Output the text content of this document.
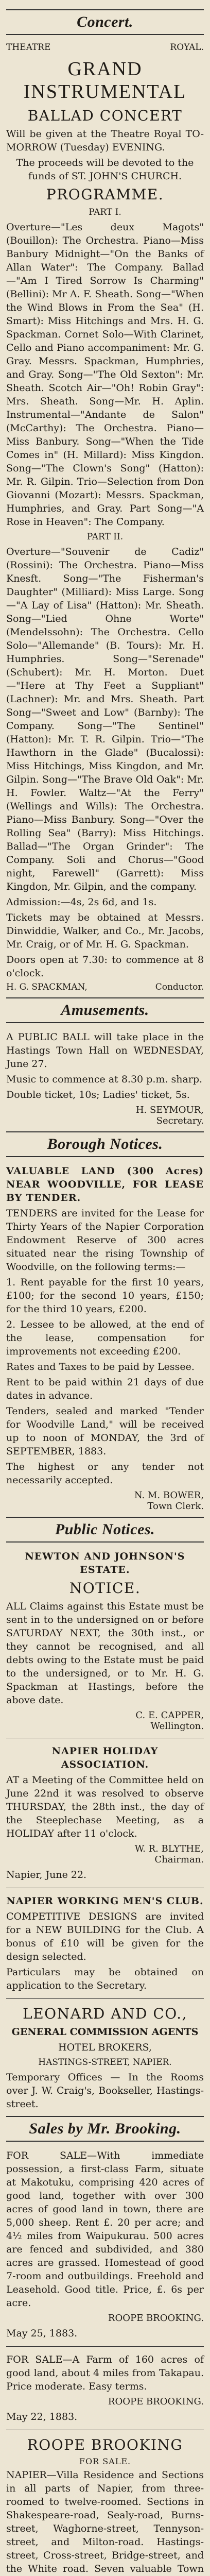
Concert.
THEATRE	ROYAL.
GRAND INSTRUMENTAL
BALLAD CONCERT

Will be given at the Theatre Royal TO-MORROW (Tuesday) EVENING.

The proceeds will be devoted to the funds of ST. JOHN'S CHURCH.

PROGRAMME.
PART I.

Overture—"Les deux Magots" (Bouillon): The Orchestra. Piano—Miss Banbury Midnight—"On the Banks of Allan Water": The Company. Ballad—"Am I Tired Sorrow Is Charming" (Bellini): Mr A. F. Sheath. Song—"When the Wind Blows in From the Sea" (H. Smart): Miss Hitchings and Mrs. H. G. Spackman. Cornet Solo—With Clarinet, Cello and Piano accompaniment: Mr. G. Gray. Messrs. Spackman, Humphries, and Gray. Song—"The Old Sexton": Mr. Sheath. Scotch Air—"Oh! Robin Gray": Mrs. Sheath. Song—Mr. H. Aplin. Instrumental—"Andante de Salon" (McCarthy): The Orchestra. Piano—Miss Banbury. Song—"When the Tide Comes in" (H. Millard): Miss Kingdon. Song—"The Clown's Song" (Hatton): Mr. R. Gilpin. Trio—Selection from Don Giovanni (Mozart): Messrs. Spackman, Humphries, and Gray. Part Song—"A Rose in Heaven": The Company.

PART II.

Overture—"Souvenir de Cadiz" (Rossini): The Orchestra. Piano—Miss Knesft. Song—"The Fisherman's Daughter" (Milliard): Miss Large. Song—"A Lay of Lisa" (Hatton): Mr. Sheath. Song—"Lied Ohne Worte" (Mendelssohn): The Orchestra. Cello Solo—"Allemande" (B. Tours): Mr. H. Humphries. Song—"Serenade" (Schubert): Mr. H. Morton. Duet—"Here at Thy Feet a Suppliant" (Lachner): Mr. and Mrs. Sheath. Part Song—"Sweet and Low" (Barnby): The Company. Song—"The Sentinel" (Hatton): Mr. T. R. Gilpin. Trio—"The Hawthorn in the Glade" (Bucalossi): Miss Hitchings, Miss Kingdon, and Mr. Gilpin. Song—"The Brave Old Oak": Mr. H. Fowler. Waltz—"At the Ferry" (Wellings and Wills): The Orchestra. Piano—Miss Banbury. Song—"Over the Rolling Sea" (Barry): Miss Hitchings. Ballad—"The Organ Grinder": The Company. Soli and Chorus—"Good night, Farewell" (Garrett): Miss Kingdon, Mr. Gilpin, and the company.

Admission:—4s, 2s 6d, and 1s.

Tickets may be obtained at Messrs. Dinwiddie, Walker, and Co., Mr. Jacobs, Mr. Craig, or of Mr. H. G. Spackman.

Doors open at 7.30: to commence at 8 o'clock.

H. G. SPACKMAN,	Conductor.
Amusements.

A PUBLIC BALL will take place in the Hastings Town Hall on WEDNESDAY, June 27.

Music to commence at 8.30 p.m. sharp.

Double ticket, 10s; Ladies' ticket, 5s.

H. SEYMOUR,
Secretary.
Borough Notices.

VALUABLE LAND (300 Acres) NEAR WOODVILLE, FOR LEASE BY TENDER.

TENDERS are invited for the Lease for Thirty Years of the Napier Corporation Endowment Reserve of 300 acres situated near the rising Township of Woodville, on the following terms:—

1. Rent payable for the first 10 years, £100; for the second 10 years, £150; for the third 10 years, £200.

2. Lessee to be allowed, at the end of the lease, compensation for improvements not exceeding £200.

Rates and Taxes to be paid by Lessee.

Rent to be paid within 21 days of due dates in advance.

Tenders, sealed and marked "Tender for Woodville Land," will be received up to noon of MONDAY, the 3rd of SEPTEMBER, 1883.

The highest or any tender not necessarily accepted.

N. M. BOWER,
Town Clerk.
Public Notices.

NEWTON AND JOHNSON'S ESTATE.

NOTICE.

ALL Claims against this Estate must be sent in to the undersigned on or before SATURDAY NEXT, the 30th inst., or they cannot be recognised, and all debts owing to the Estate must be paid to the undersigned, or to Mr. H. G. Spackman at Hastings, before the above date.

C. E. CAPPER,
Wellington.

NAPIER HOLIDAY ASSOCIATION.

AT a Meeting of the Committee held on June 22nd it was resolved to observe THURSDAY, the 28th inst., the day of the Steeplechase Meeting, as a HOLIDAY after 11 o'clock.

W. R. BLYTHE,
Chairman.

Napier, June 22.

NAPIER WORKING MEN'S CLUB.

COMPETITIVE DESIGNS are invited for a NEW BUILDING for the Club. A bonus of £10 will be given for the design selected.

Particulars may be obtained on application to the Secretary.

LEONARD AND CO.,

GENERAL COMMISSION AGENTS

HOTEL BROKERS,

HASTINGS-STREET, NAPIER.

Temporary Offices — In the Rooms over J. W. Craig's, Bookseller, Hastings-street.

Sales by Mr. Brooking.

FOR SALE—With immediate possession, a first-class Farm, situate at Makotuku, comprising 420 acres of good land, together with over 300 acres of good land in town, there are 5,000 sheep. Rent £. 20 per acre; and 4½ miles from Waipukurau. 500 acres are fenced and subdivided, and 380 acres are grassed. Homestead of good 7-room and outbuildings. Freehold and Leasehold. Good title. Price, £. 6s per acre.

ROOPE BROOKING.

May 25, 1883.

FOR SALE—A Farm of 160 acres of good land, about 4 miles from Takapau. Price moderate. Easy terms.

ROOPE BROOKING.

May 22, 1883.

ROOPE BROOKING
FOR SALE.

NAPIER—Villa Residence and Sections in all parts of Napier, from three-roomed to twelve-roomed. Sections in Shakespeare-road, Sealy-road, Burns-street, Waghorne-street, Tennyson-street, and Milton-road. Hastings-street, Cross-street, Bridge-street, and the White road. Seven valuable Town
